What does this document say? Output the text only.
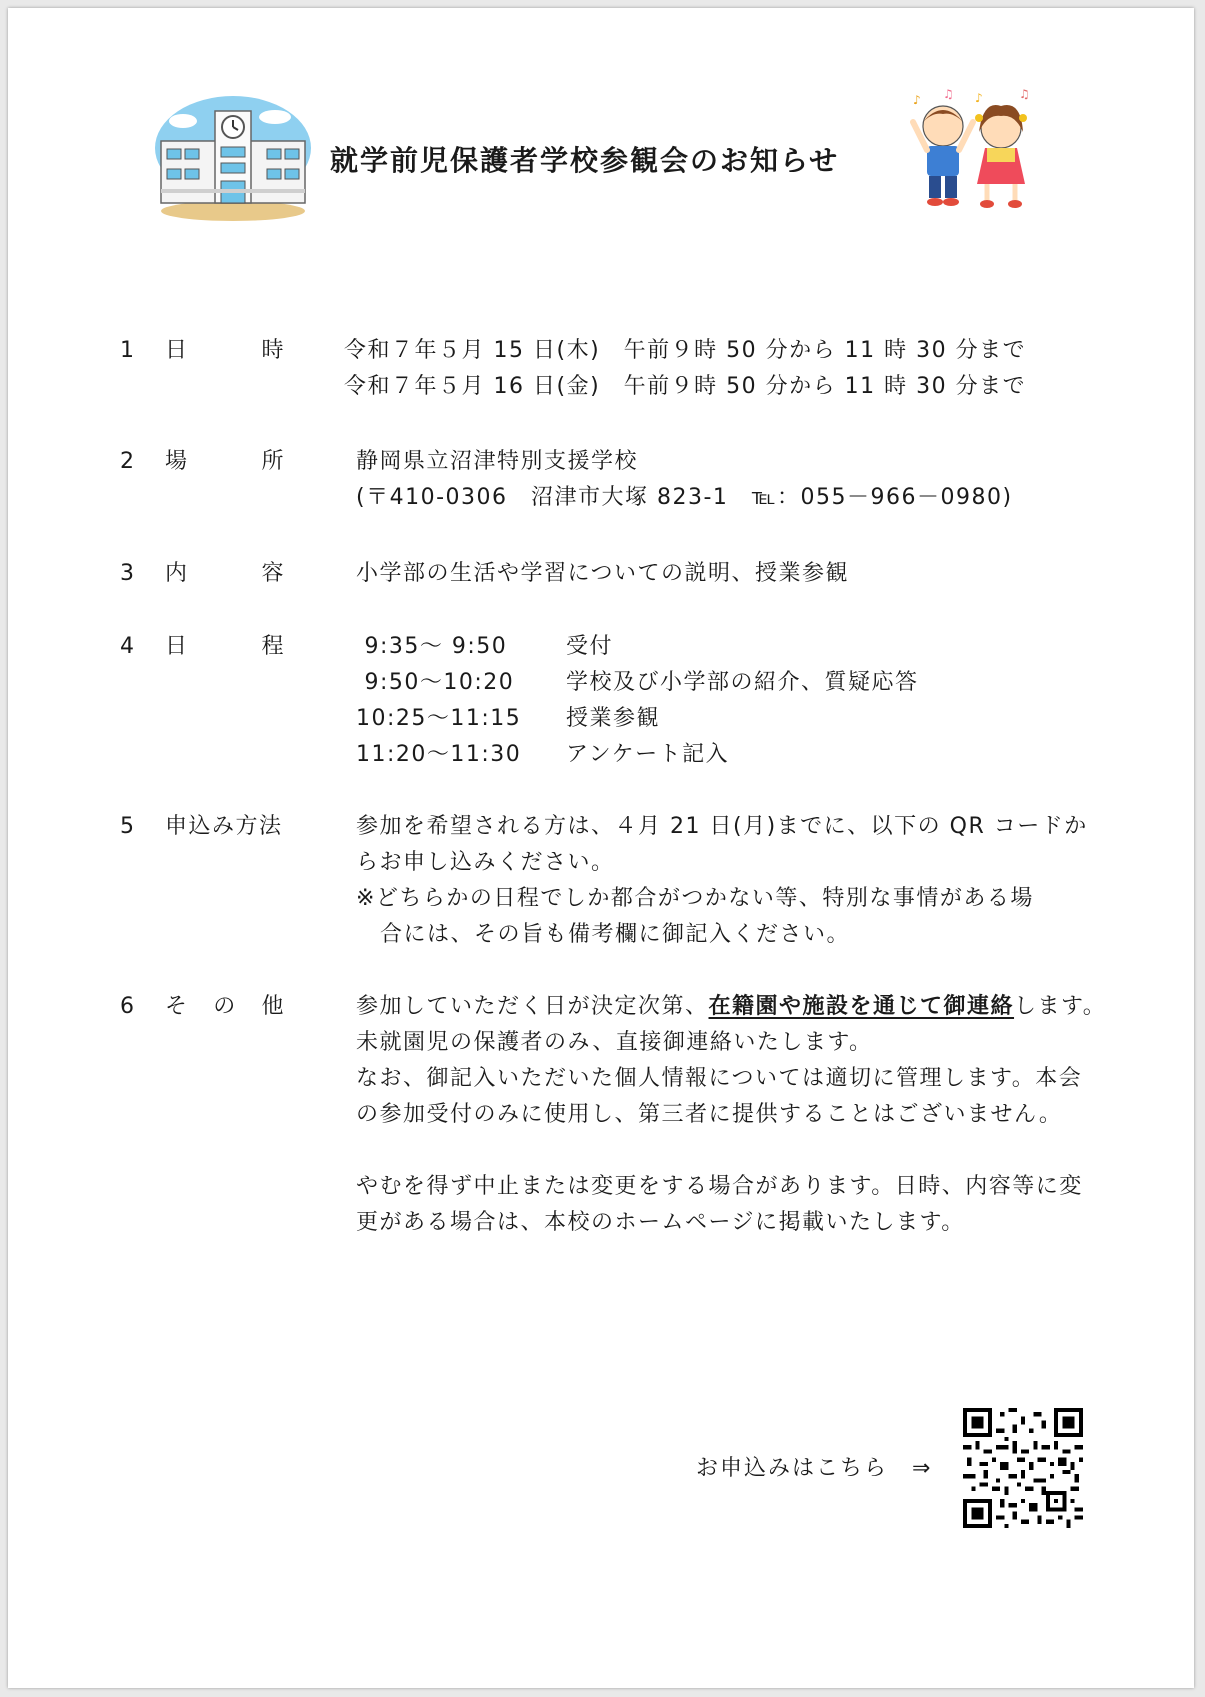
就学前児保護者学校参観会のお知らせ
♪ ♫ ♪	♫
1	日	時	令和７年５月 15 日(木)　午前９時 50 分から 11 時 30 分まで
令和７年５月 16 日(金)　午前９時 50 分から 11 時 30 分まで
2	場	所	静岡県立沼津特別支援学校
(〒410-0306　沼津市大塚 823-1　℡：055－966－0980)
3	内	容	小学部の生活や学習についての説明、授業参観
4	日	程	9:35～ 9:50	受付
9:50～10:20	学校及び小学部の紹介、質疑応答
10:25～11:15	授業参観
11:20～11:30	アンケート記入
5	申込み方法	参加を希望される方は、４月 21 日(月)までに、以下の QR コードか
らお申し込みください。
※どちらかの日程でしか都合がつかない等、特別な事情がある場
合には、その旨も備考欄に御記入ください。
6	そ の 他	参加していただく日が決定次第、在籍園や施設を通じて御連絡します。
未就園児の保護者のみ、直接御連絡いたします。
なお、御記入いただいた個人情報については適切に管理します。本会
の参加受付のみに使用し、第三者に提供することはございません。
やむを得ず中止または変更をする場合があります。日時、内容等に変
更がある場合は、本校のホームページに掲載いたします。
お申込みはこちら　⇒
